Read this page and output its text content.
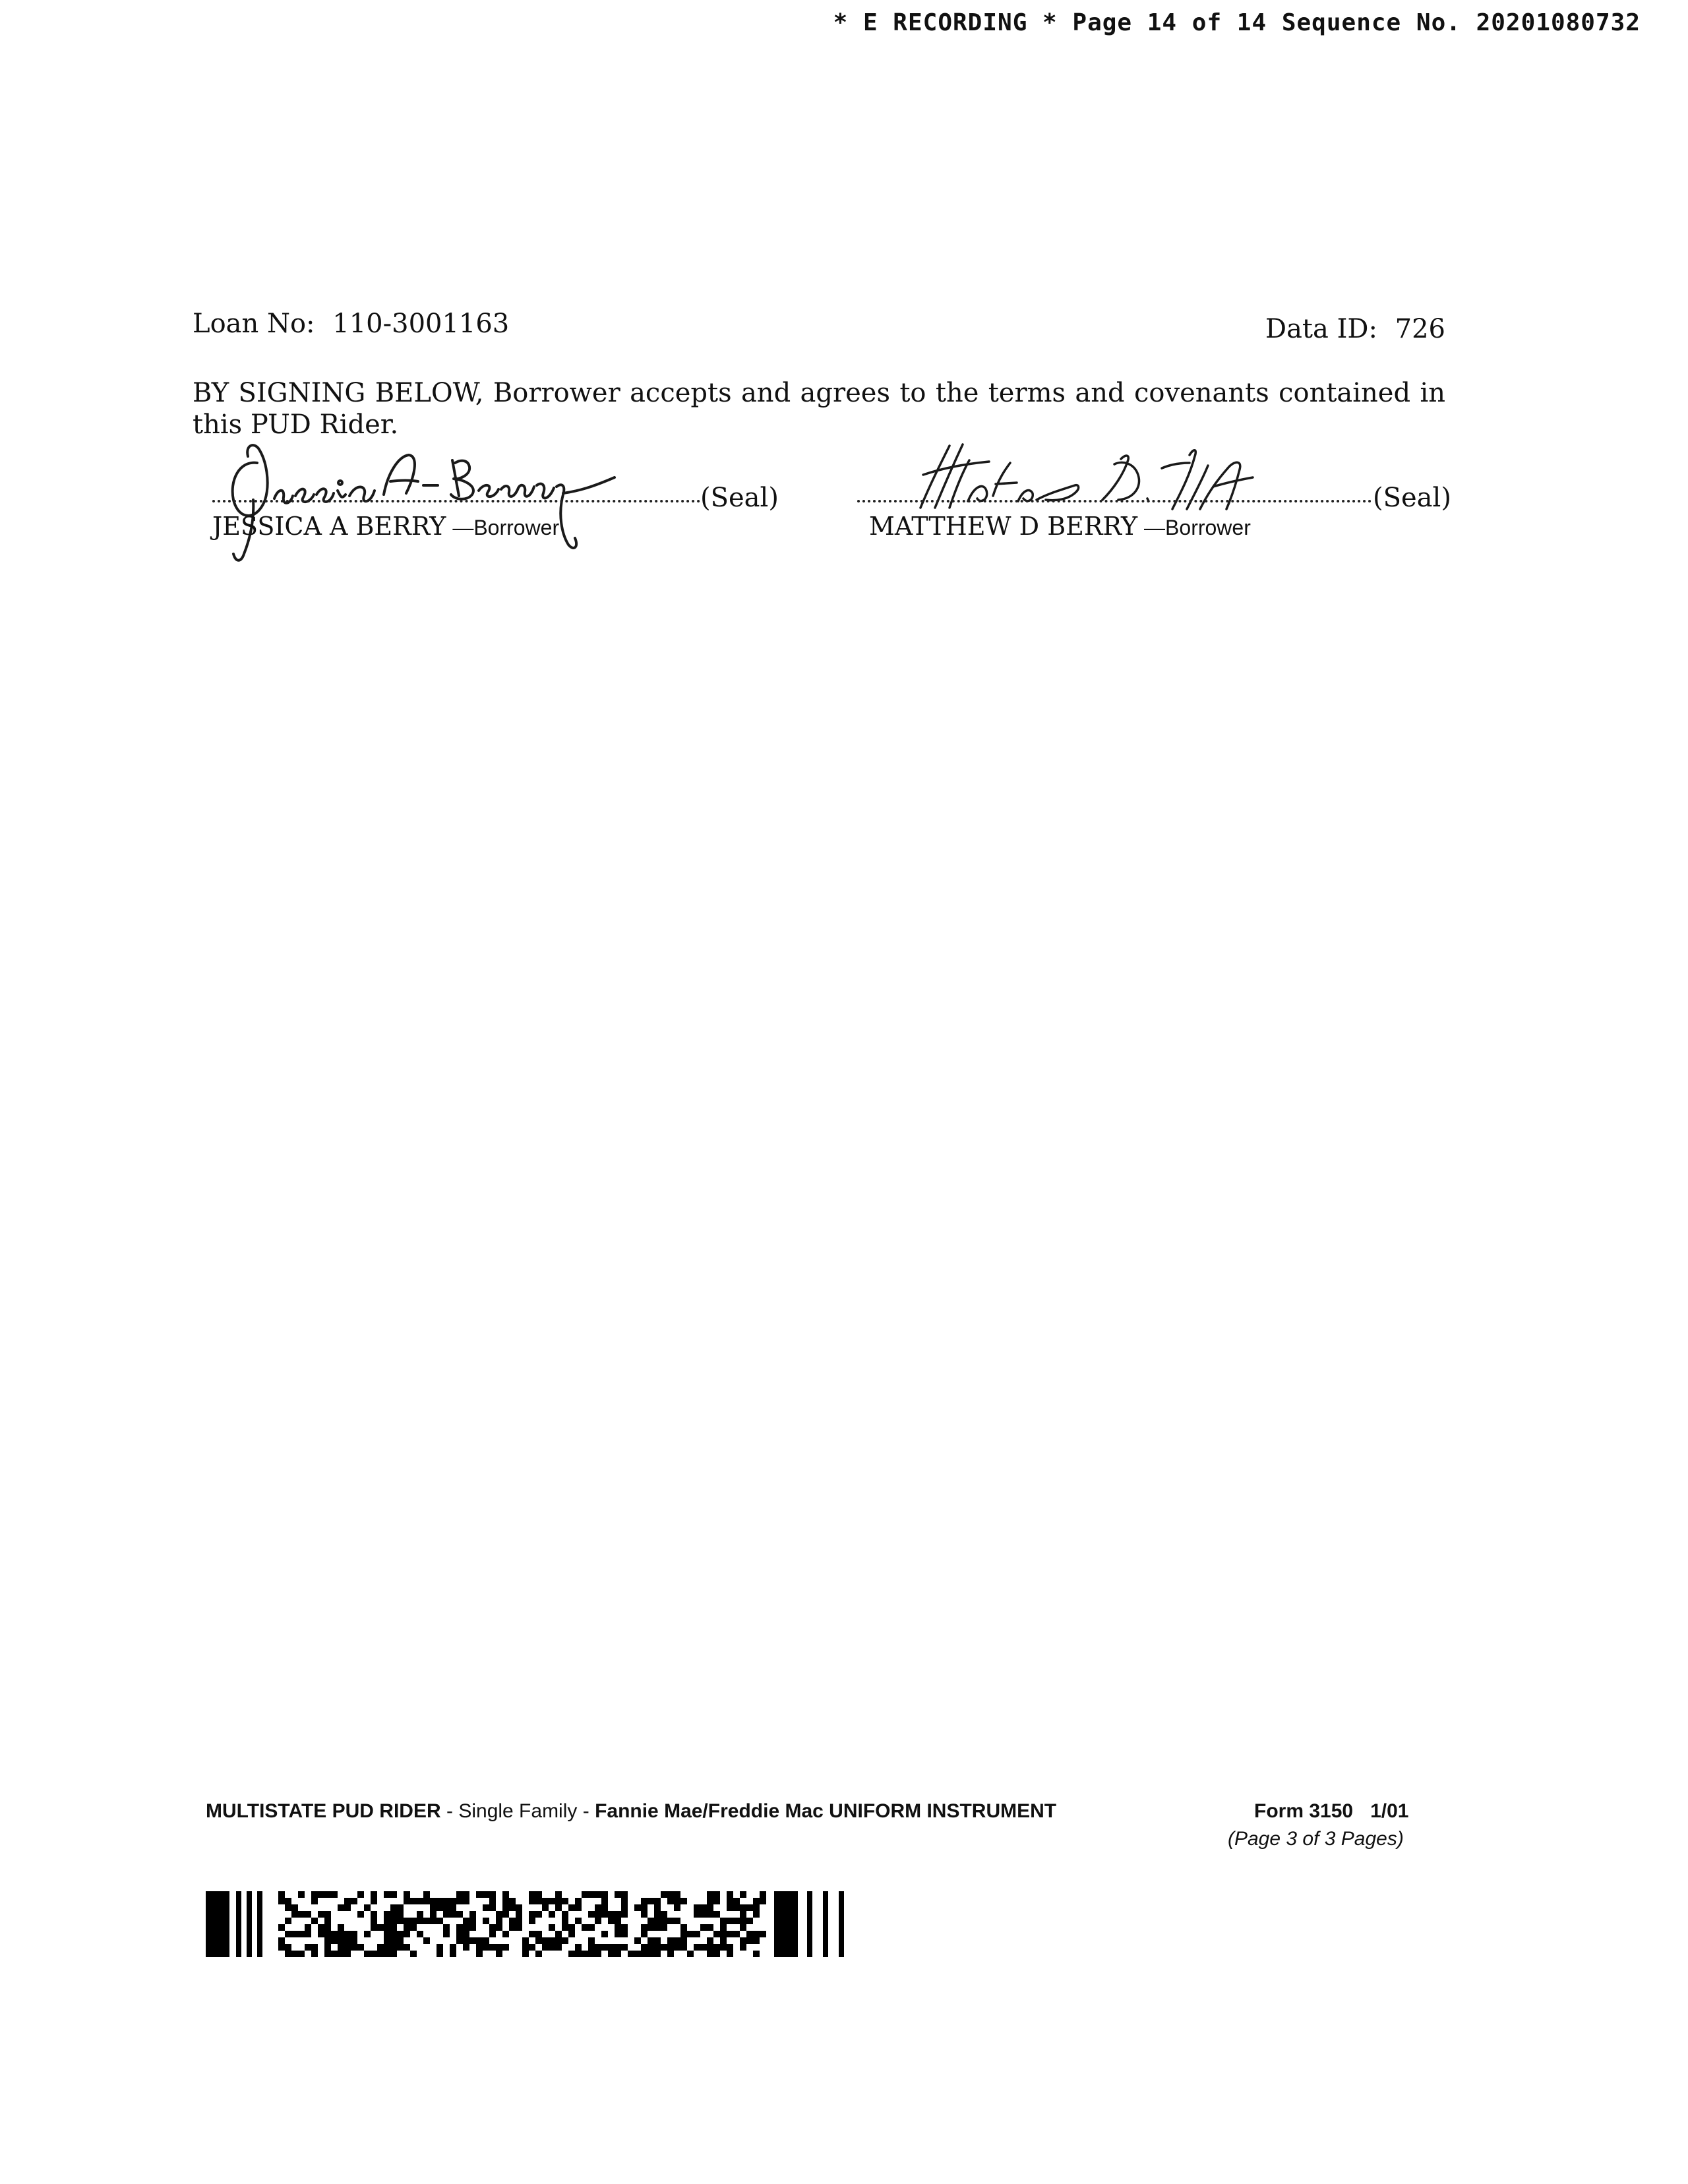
* E RECORDING * Page 14 of 14 Sequence No. 20201080732
Loan No: 110-3001163	Data ID: 726
BY SIGNING BELOW, Borrower accepts and agrees to the terms and covenants contained in this PUD Rider.
(Seal)
JESSICA A BERRY —Borrower
(Seal)
MATTHEW D BERRY —Borrower
MULTISTATE PUD RIDER - Single Family - Fannie Mae/Freddie Mac UNIFORM INSTRUMENT	Form 3150 1/01
(Page 3 of 3 Pages)
